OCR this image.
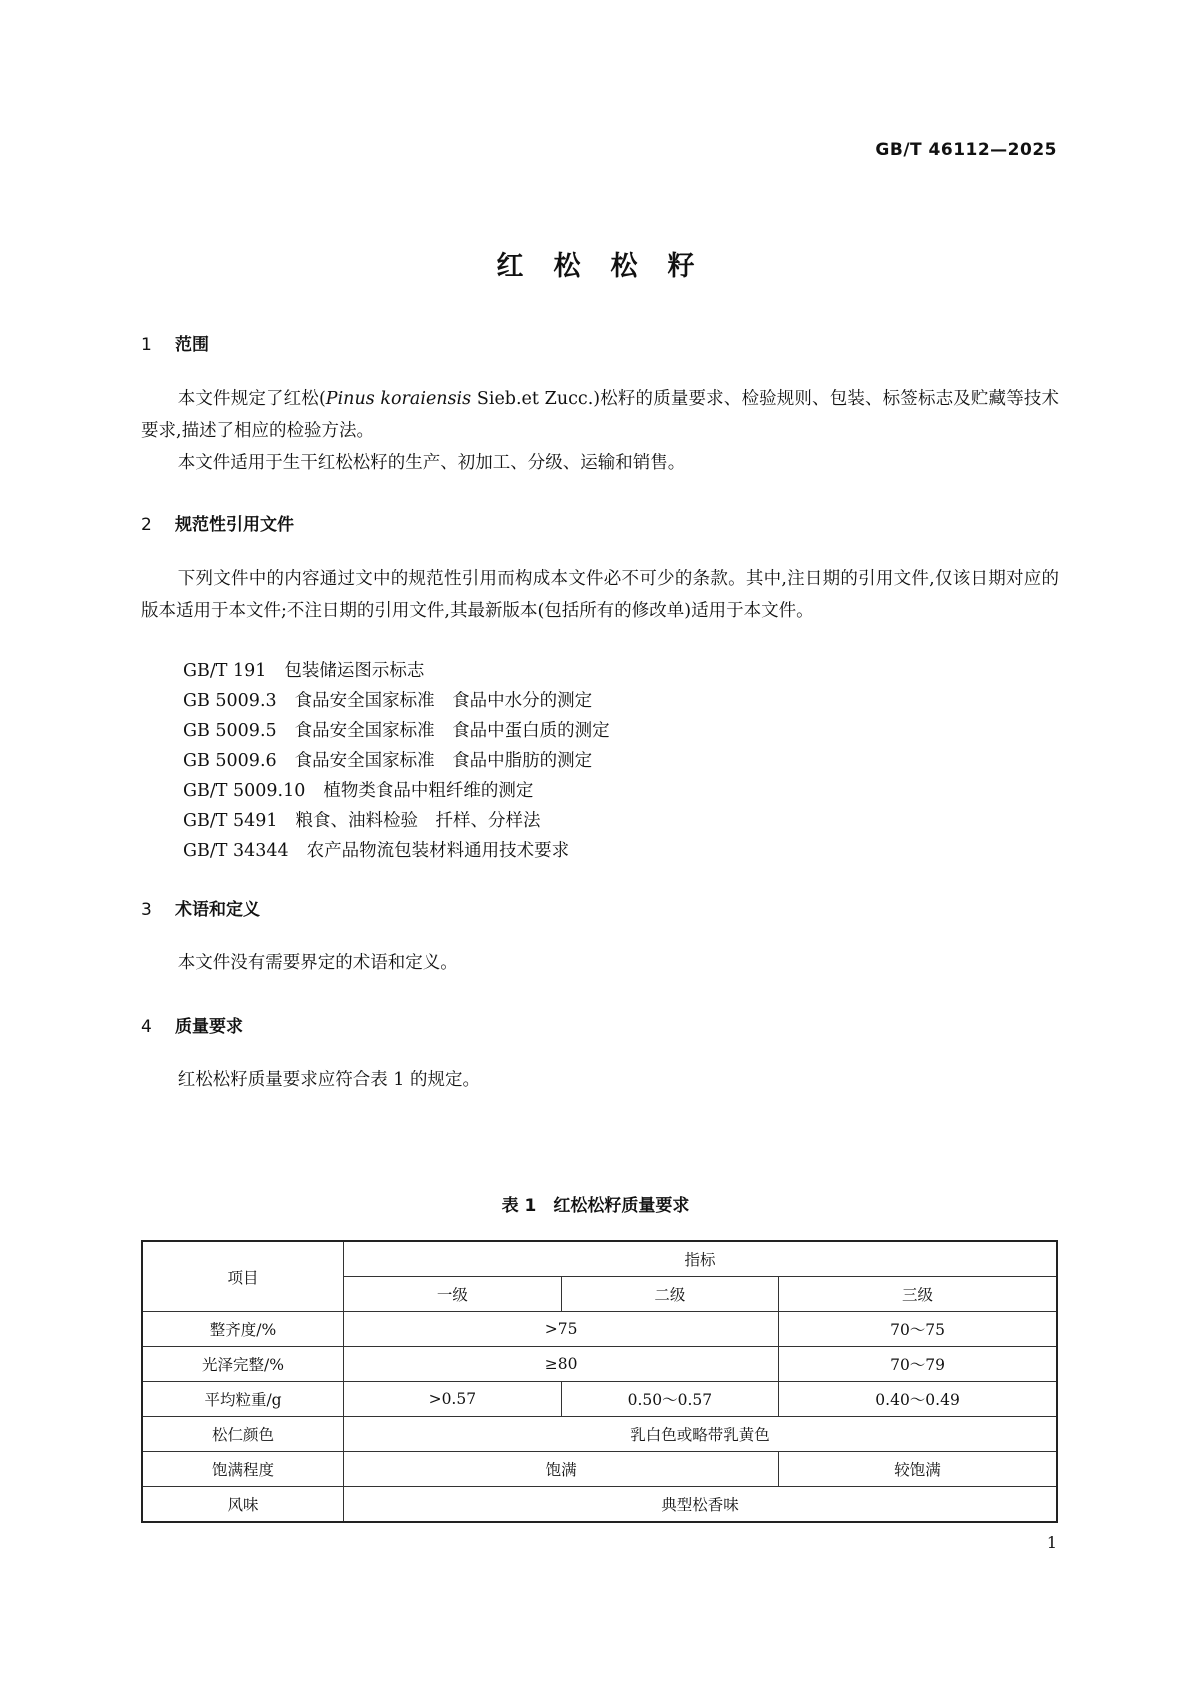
GB/T 46112—2025
红松松籽
1 范围
本文件规定了红松(Pinus koraiensis Sieb.et Zucc.)松籽的质量要求、检验规则、包装、标签标志及贮藏等技术要求,描述了相应的检验方法。
本文件适用于生干红松松籽的生产、初加工、分级、运输和销售。
2 规范性引用文件
下列文件中的内容通过文中的规范性引用而构成本文件必不可少的条款。其中,注日期的引用文件,仅该日期对应的版本适用于本文件;不注日期的引用文件,其最新版本(包括所有的修改单)适用于本文件。
GB/T 191 包装储运图示标志
GB 5009.3 食品安全国家标准　食品中水分的测定
GB 5009.5 食品安全国家标准　食品中蛋白质的测定
GB 5009.6 食品安全国家标准　食品中脂肪的测定
GB/T 5009.10 植物类食品中粗纤维的测定
GB/T 5491 粮食、油料检验　扦样、分样法
GB/T 34344 农产品物流包装材料通用技术要求
3 术语和定义
本文件没有需要界定的术语和定义。
4 质量要求
红松松籽质量要求应符合表 1 的规定。
表 1　红松松籽质量要求
项目	指标		
	一级	二级	三级
整齐度/%	>75		70～75
光泽完整/%	≥80		70～79
平均粒重/g	>0.57	0.50～0.57	0.40～0.49
松仁颜色	乳白色或略带乳黄色		
饱满程度	饱满		较饱满
风味	典型松香味		
1
